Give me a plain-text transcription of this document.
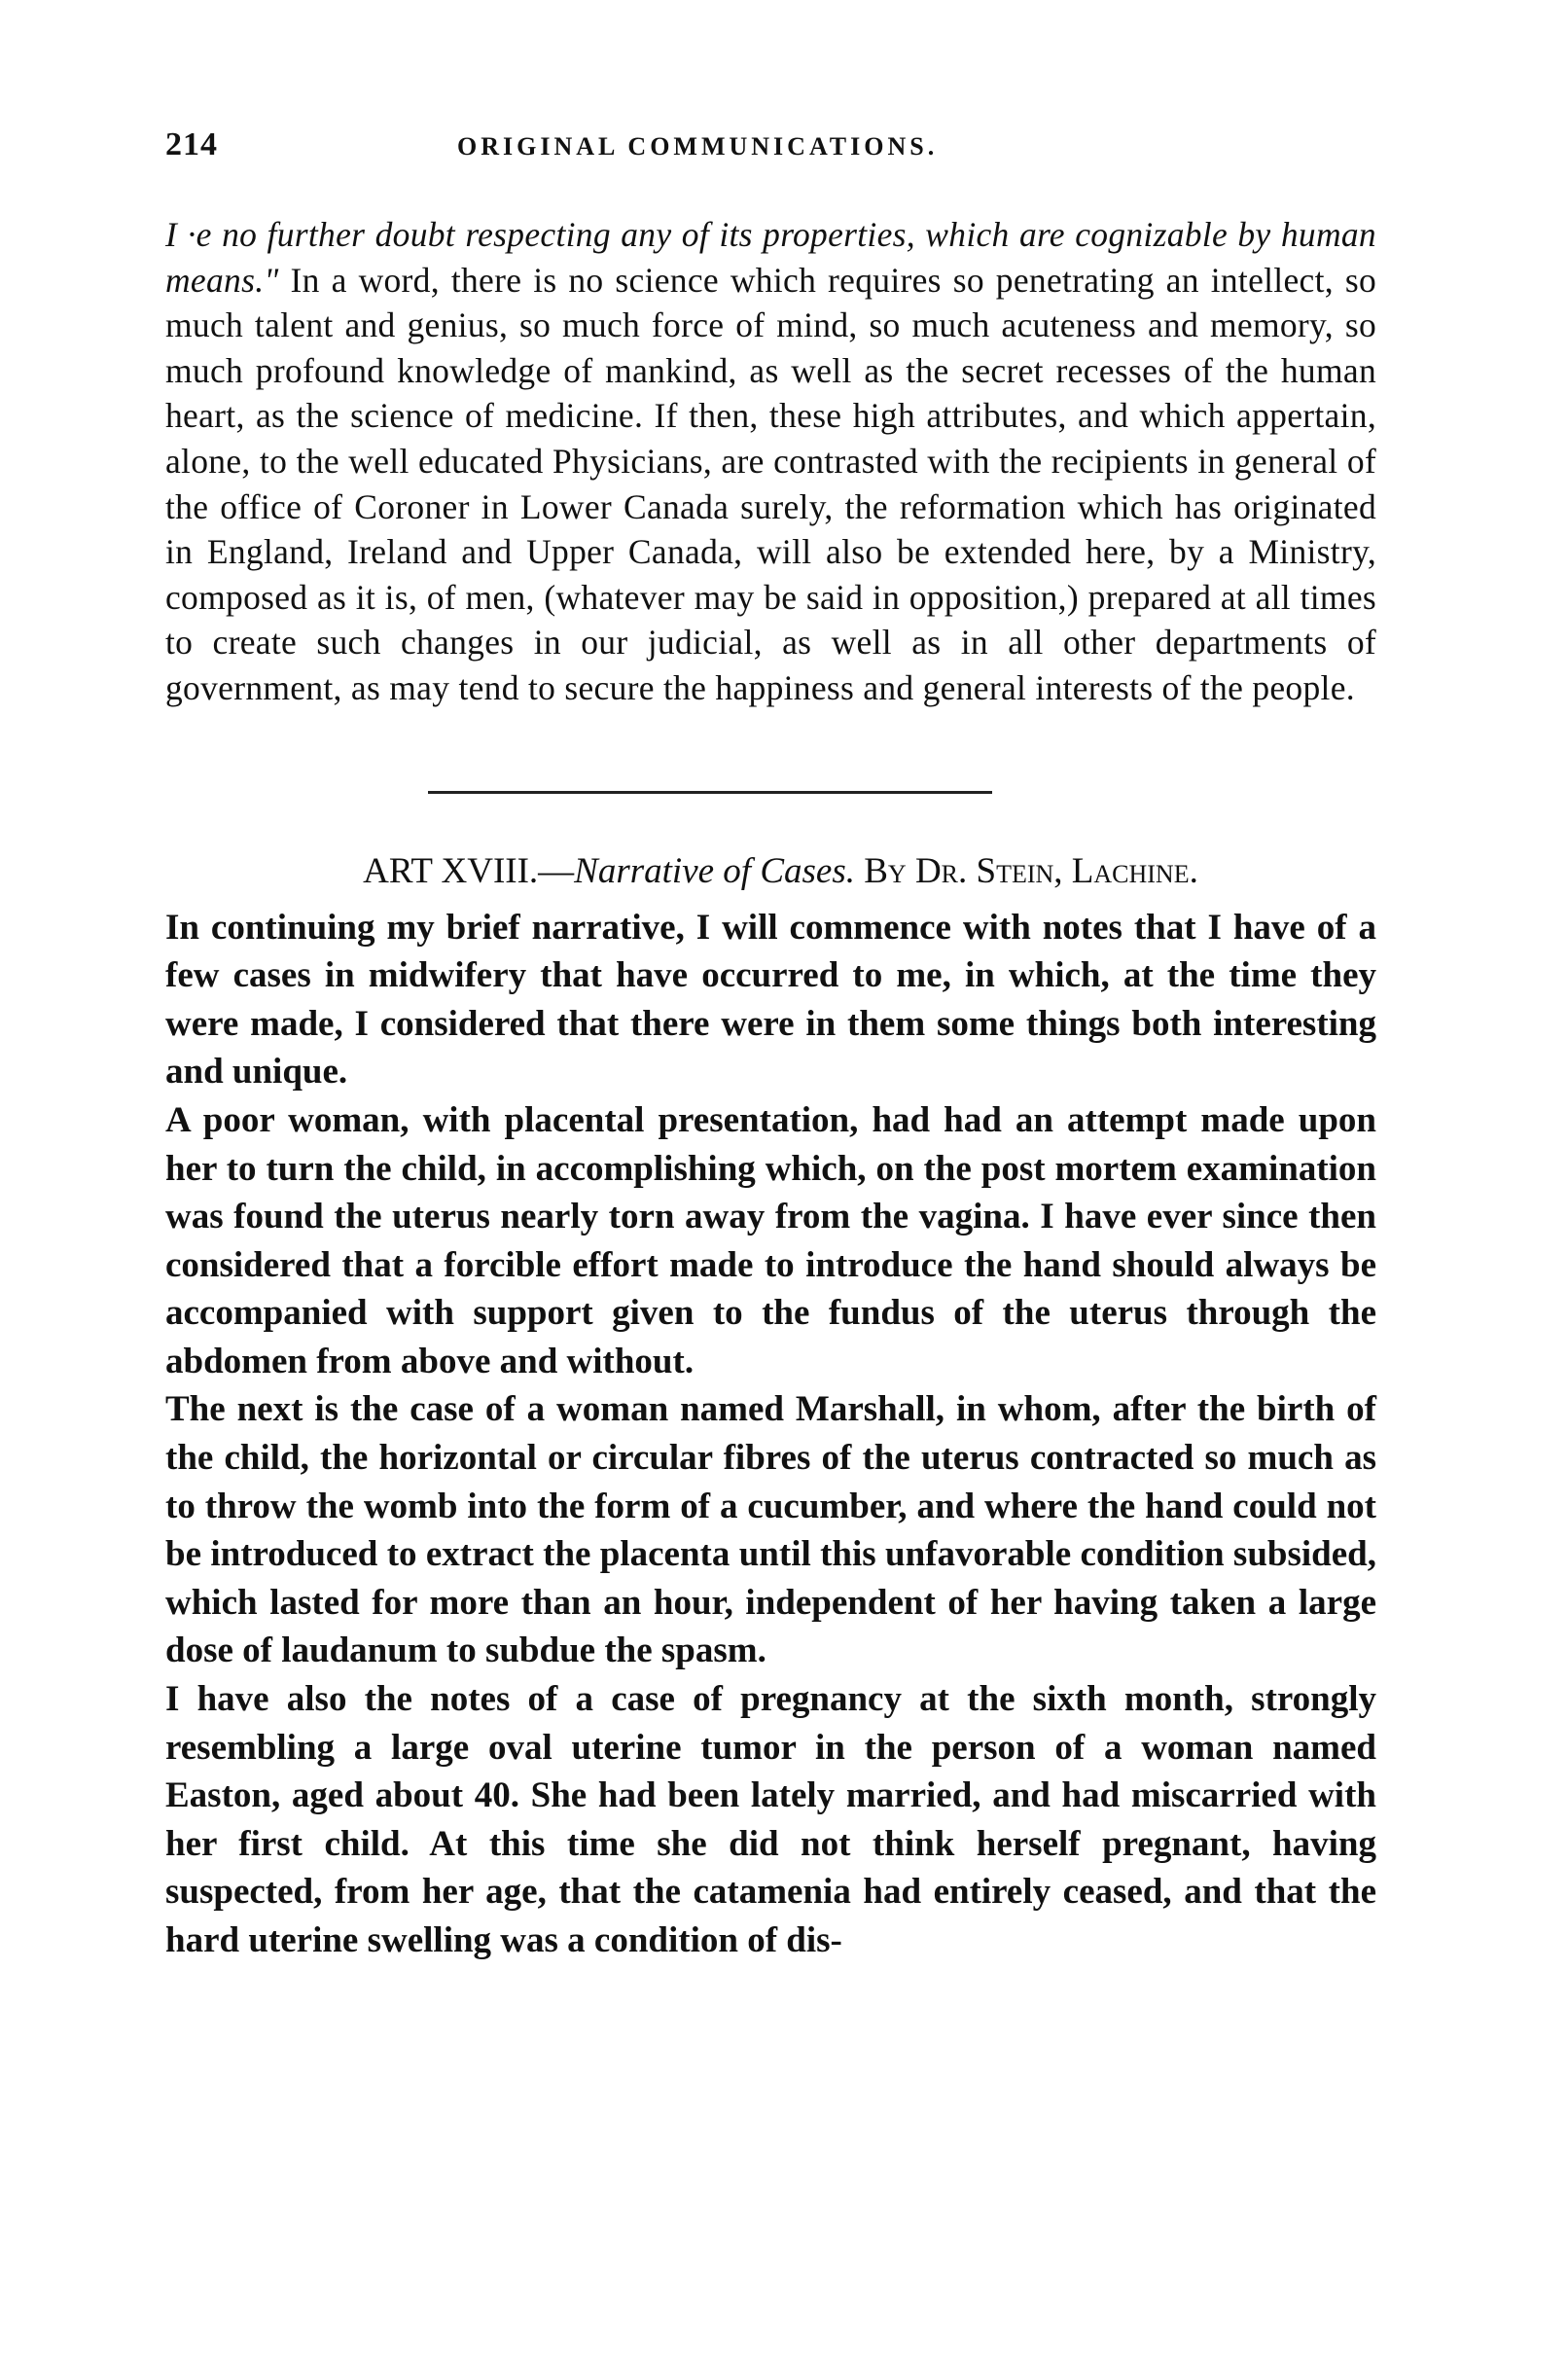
214	ORIGINAL COMMUNICATIONS.
I ·e no further doubt respecting any of its properties, which are cognizable by human means." In a word, there is no science which requires so penetrating an intellect, so much talent and genius, so much force of mind, so much acuteness and memory, so much profound knowledge of mankind, as well as the secret recesses of the human heart, as the science of medicine. If then, these high attributes, and which appertain, alone, to the well educated Physicians, are contrasted with the recipients in general of the office of Coroner in Lower Canada surely, the reformation which has originated in England, Ireland and Upper Canada, will also be extended here, by a Ministry, composed as it is, of men, (whatever may be said in opposition,) prepared at all times to create such changes in our judicial, as well as in all other departments of government, as may tend to secure the happiness and general interests of the people.
ART XVIII.—Narrative of Cases. By Dr. Stein, Lachine.

In continuing my brief narrative, I will commence with notes that I have of a few cases in midwifery that have occurred to me, in which, at the time they were made, I considered that there were in them some things both interesting and unique.

A poor woman, with placental presentation, had had an attempt made upon her to turn the child, in accomplishing which, on the post mortem examination was found the uterus nearly torn away from the vagina. I have ever since then considered that a forcible effort made to introduce the hand should always be accompanied with support given to the fundus of the uterus through the abdomen from above and without.

The next is the case of a woman named Marshall, in whom, after the birth of the child, the horizontal or circular fibres of the uterus contracted so much as to throw the womb into the form of a cucumber, and where the hand could not be introduced to extract the placenta until this unfavorable condition subsided, which lasted for more than an hour, independent of her having taken a large dose of laudanum to subdue the spasm.

I have also the notes of a case of pregnancy at the sixth month, strongly resembling a large oval uterine tumor in the person of a woman named Easton, aged about 40. She had been lately married, and had miscarried with her first child. At this time she did not think herself pregnant, having suspected, from her age, that the catamenia had entirely ceased, and that the hard uterine swelling was a condition of dis-
